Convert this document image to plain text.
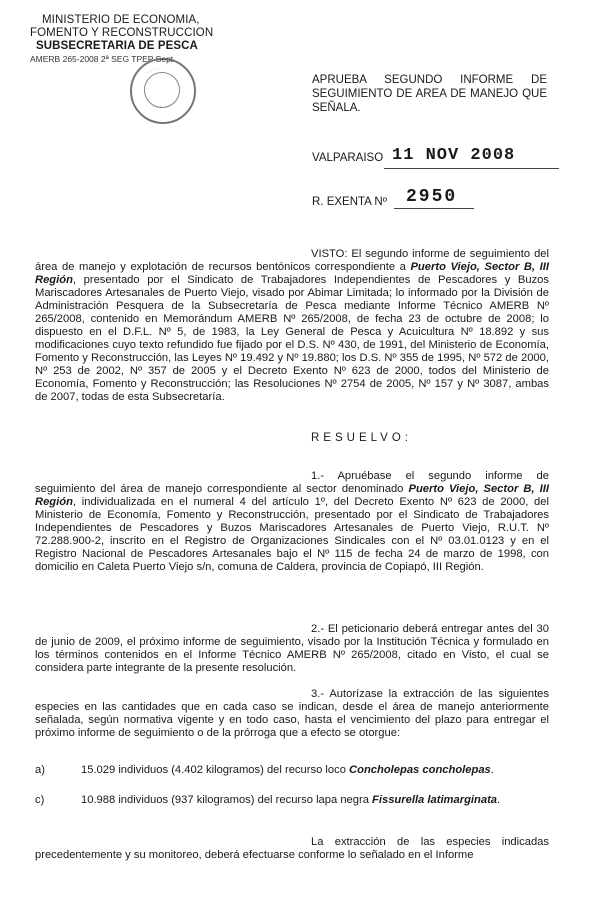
MINISTERIO DE ECONOMIA,
FOMENTO Y RECONSTRUCCION
SUBSECRETARIA DE PESCA
AMERB 265-2008 2ª SEG TPEP Sept
· · · ·
· · ·
APRUEBA SEGUNDO INFORME DE SEGUIMIENTO DE AREA DE MANEJO QUE SEÑALA.
VALPARAISO 11 NOV 2008
R. EXENTA Nº 2950
VISTO: El segundo informe de seguimiento del área de manejo y explotación de recursos bentónicos correspondiente a Puerto Viejo, Sector B, III Región, presentado por el Sindicato de Trabajadores Independientes de Pescadores y Buzos Mariscadores Artesanales de Puerto Viejo, visado por Abimar Limitada; lo informado por la División de Administración Pesquera de la Subsecretaría de Pesca mediante Informe Técnico AMERB Nº 265/2008, contenido en Memorándum AMERB Nº 265/2008, de fecha 23 de octubre de 2008; lo dispuesto en el D.F.L. Nº 5, de 1983, la Ley General de Pesca y Acuicultura Nº 18.892 y sus modificaciones cuyo texto refundido fue fijado por el D.S. Nº 430, de 1991, del Ministerio de Economía, Fomento y Reconstrucción, las Leyes Nº 19.492 y Nº 19.880; los D.S. Nº 355 de 1995, Nº 572 de 2000, Nº 253 de 2002, Nº 357 de 2005 y el Decreto Exento Nº 623 de 2000, todos del Ministerio de Economía, Fomento y Reconstrucción; las Resoluciones Nº 2754 de 2005, Nº 157 y Nº 3087, ambas de 2007, todas de esta Subsecretaría.
RESUELVO:
1.- Apruébase el segundo informe de seguimiento del área de manejo correspondiente al sector denominado Puerto Viejo, Sector B, III Región, individualizada en el numeral 4 del artículo 1º, del Decreto Exento Nº 623 de 2000, del Ministerio de Economía, Fomento y Reconstrucción, presentado por el Sindicato de Trabajadores Independientes de Pescadores y Buzos Mariscadores Artesanales de Puerto Viejo, R.U.T. Nº 72.288.900-2, inscrito en el Registro de Organizaciones Sindicales con el Nº 03.01.0123 y en el Registro Nacional de Pescadores Artesanales bajo el Nº 115 de fecha 24 de marzo de 1998, con domicilio en Caleta Puerto Viejo s/n, comuna de Caldera, provincia de Copiapó, III Región.
2.- El peticionario deberá entregar antes del 30 de junio de 2009, el próximo informe de seguimiento, visado por la Institución Técnica y formulado en los términos contenidos en el Informe Técnico AMERB Nº 265/2008, citado en Visto, el cual se considera parte integrante de la presente resolución.
3.- Autorízase la extracción de las siguientes especies en las cantidades que en cada caso se indican, desde el área de manejo anteriormente señalada, según normativa vigente y en todo caso, hasta el vencimiento del plazo para entregar el próximo informe de seguimiento o de la prórroga que a efecto se otorgue:
a)	15.029 individuos (4.402 kilogramos) del recurso loco Concholepas concholepas.
c)	10.988 individuos (937 kilogramos) del recurso lapa negra Fissurella latimarginata.
La extracción de las especies indicadas precedentemente y su monitoreo, deberá efectuarse conforme lo señalado en el Informe
